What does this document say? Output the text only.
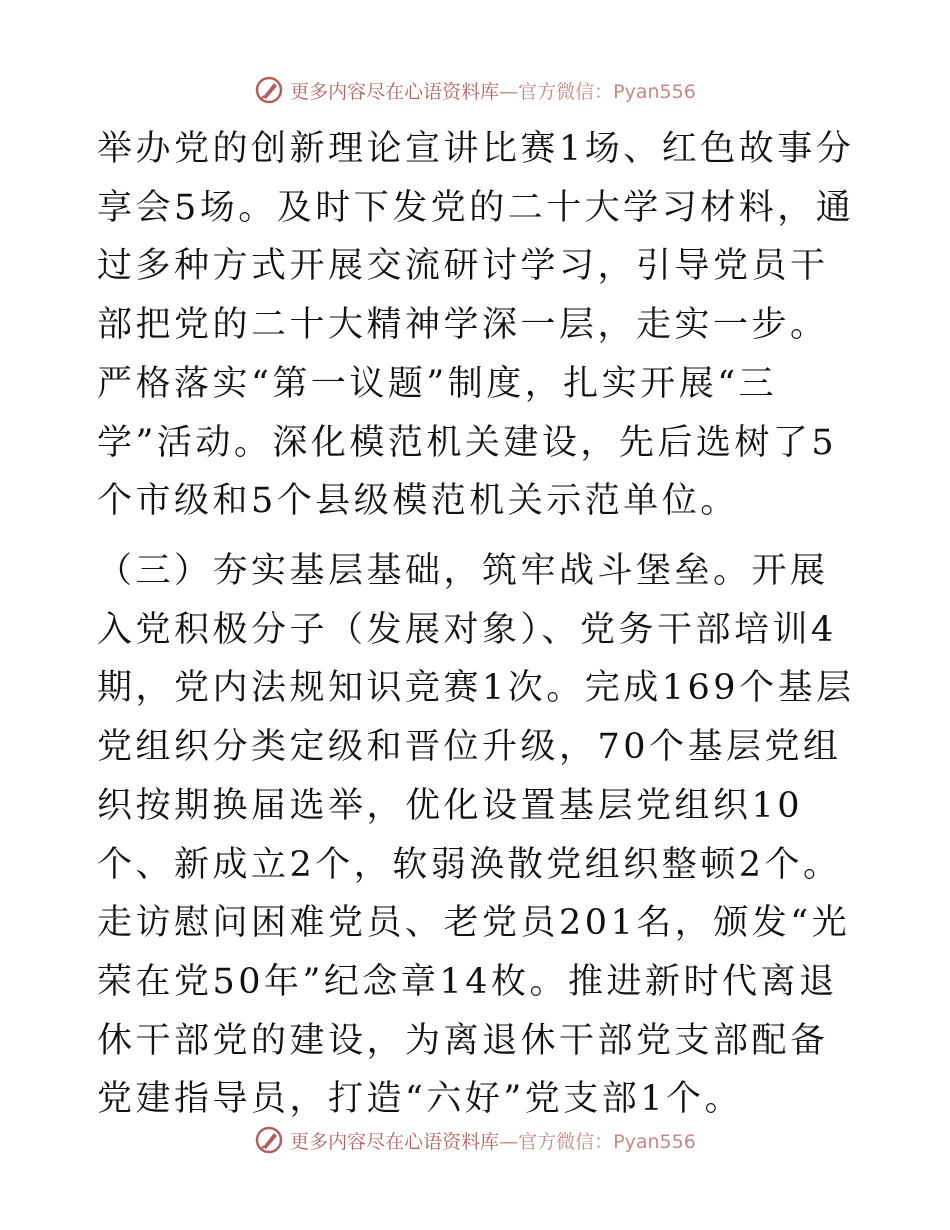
更多内容尽在心语资料库 —官方微信：Pyan556

举办党的创新理论宣讲比赛1场、红色故事分享会5场。及时下发党的二十大学习材料，通过多种方式开展交流研讨学习，引导党员干部把党的二十大精神学深一层，走实一步。严格落实“第一议题”制度，扎实开展“三学”活动。深化模范机关建设，先后选树了5个市级和5个县级模范机关示范单位。

（三）夯实基层基础，筑牢战斗堡垒。开展入党积极分子（发展对象）、党务干部培训4期，党内法规知识竞赛1次。完成169个基层党组织分类定级和晋位升级，70个基层党组织按期换届选举，优化设置基层党组织10个、新成立2个，软弱涣散党组织整顿2个。走访慰问困难党员、老党员201名，颁发“光荣在党50年”纪念章14枚。推进新时代离退休干部党的建设，为离退休干部党支部配备党建指导员，打造“六好”党支部1个。

更多内容尽在心语资料库 —官方微信：Pyan556
